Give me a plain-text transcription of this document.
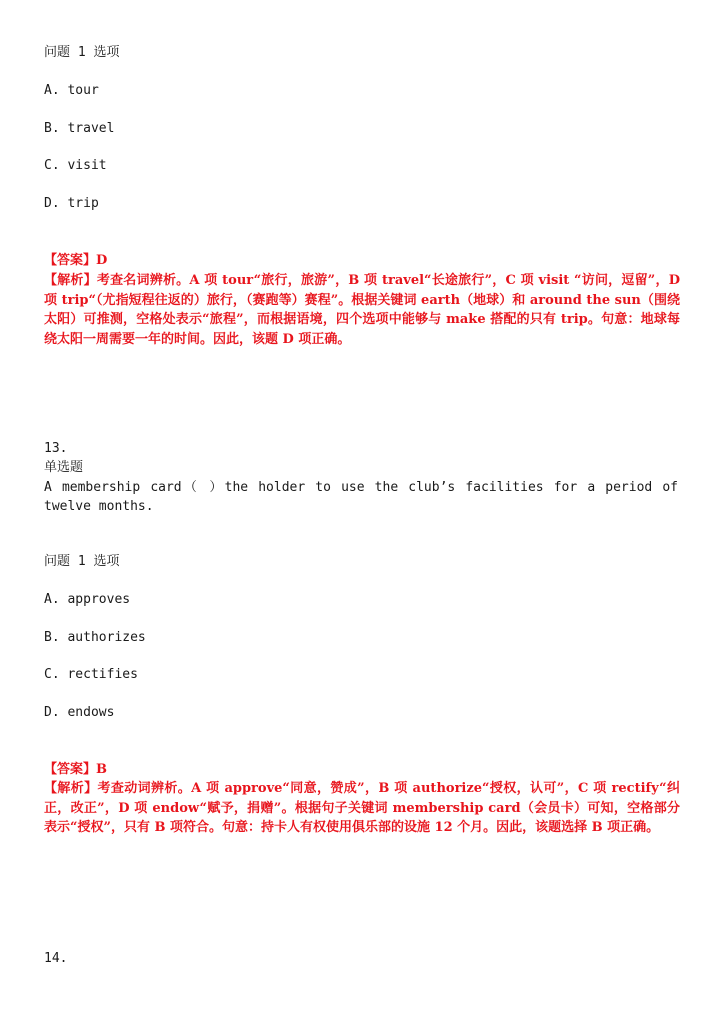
问题 1 选项
A. tour
B. travel
C. visit
D. trip
【答案】D
【解析】考查名词辨析。A 项 tour“旅行，旅游”，B 项 travel“长途旅行”，C 项 visit “访问，逗留”，D 项 trip“（尤指短程往返的）旅行，（赛跑等）赛程”。根据关键词 earth（地球）和 around the sun（围绕太阳）可推测，空格处表示“旅程”，而根据语境，四个选项中能够与 make 搭配的只有 trip。句意：地球每绕太阳一周需要一年的时间。因此，该题 D 项正确。
13.
单选题
A membership card（ ）the holder to use the club’s facilities for a period of twelve months.
问题 1 选项
A. approves
B. authorizes
C. rectifies
D. endows
【答案】B
【解析】考查动词辨析。A 项 approve“同意，赞成”，B 项 authorize“授权，认可”，C 项 rectify“纠正，改正”，D 项 endow“赋予，捐赠”。根据句子关键词 membership card（会员卡）可知，空格部分表示“授权”，只有 B 项符合。句意：持卡人有权使用俱乐部的设施 12 个月。因此，该题选择 B 项正确。
14.
